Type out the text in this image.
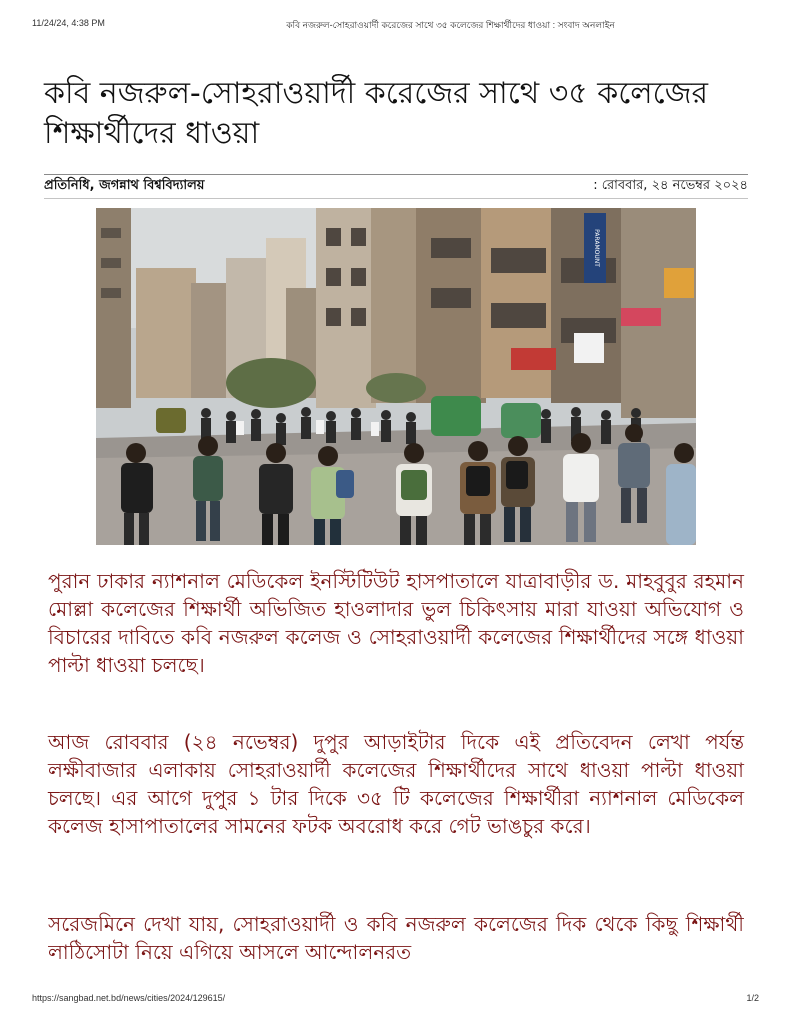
11/24/24, 4:38 PM	কবি নজরুল-সোহরাওয়ার্দী করেজের সাথে ৩৫ কলেজের শিক্ষার্থীদের ধাওয়া : সংবাদ অনলাইন
কবি নজরুল-সোহরাওয়ার্দী করেজের সাথে ৩৫ কলেজের শিক্ষার্থীদের ধাওয়া
প্রতিনিধি, জগন্নাথ বিশ্ববিদ্যালয়	: রোববার, ২৪ নভেম্বর ২০২৪
PARAMOUNT

পুরান ঢাকার ন্যাশনাল মেডিকেল ইনস্টিটিউট হাসপাতালে যাত্রাবাড়ীর ড. মাহবুবুর রহমান মোল্লা কলেজের শিক্ষার্থী অভিজিত হাওলাদার ভুল চিকিৎসায় মারা যাওয়া অভিযোগ ও বিচারের দাবিতে কবি নজরুল কলেজ ও সোহরাওয়ার্দী কলেজের শিক্ষার্থীদের সঙ্গে ধাওয়া পাল্টা ধাওয়া চলছে।

আজ রোববার (২৪ নভেম্বর) দুপুর আড়াইটার দিকে এই প্রতিবেদন লেখা পর্যন্ত লক্ষীবাজার এলাকায় সোহরাওয়ার্দী কলেজের শিক্ষার্থীদের সাথে ধাওয়া পাল্টা ধাওয়া চলছে। এর আগে দুপুর ১ টার দিকে ৩৫ টি কলেজের শিক্ষার্থীরা ন্যাশনাল মেডিকেল কলেজ হাসাপাতালের সামনের ফটক অবরোধ করে গেট ভাঙচুর করে।

সরেজমিনে দেখা যায়, সোহরাওয়ার্দী ও কবি নজরুল কলেজের দিক থেকে কিছু শিক্ষার্থী লাঠিসোটা নিয়ে এগিয়ে আসলে আন্দোলনরত

https://sangbad.net.bd/news/cities/2024/129615/	1/2
